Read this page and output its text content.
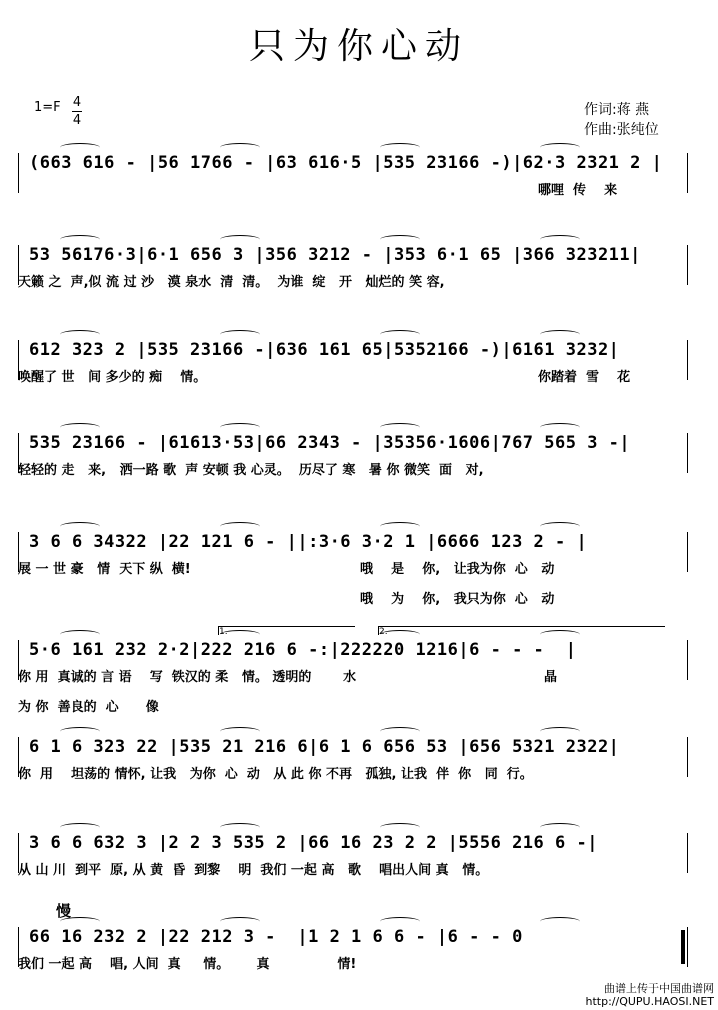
只为你心动
1=F 4
4
作词:蒋 燕
作曲:张纯位
(663 616 - |56 1766 - |63 616·5 |535 23166 -)|62·3 2321 2 |
哪哩  传    来
53 56176·3|6·1 656 3 |356 3212 - |353 6·1 65 |366 323211|
天籁 之  声,似 流 过 沙   漠 泉水  清  清。  为谁  绽   开   灿烂的 笑 容,
612 323 2 |535 23166 -|636 161 65|5352166 -)|6161 3232|
唤醒了 世   间 多少的 痴    情。	你踏着  雪    花
535 23166 - |61613·53|66 2343 - |35356·1606|767 565 3 -|
轻轻的 走   来,   洒一路 歌  声 安顿 我 心灵。  历尽了 寒   暑 你 微笑  面   对,
3 6 6 34322 |22 121 6 - ||:3·6 3·2 1 |6666 123 2 - |
展 一 世 豪   情  天下 纵  横!	哦    是    你,   让我为你  心   动
哦    为    你,   我只为你  心   动
5·6 161 232 2·2|222 216 6 -:|222220 1216|6 - - -  |
你 用  真诚的 言 语    写  铁汉的 柔   情。 透明的       水	晶
为 你  善良的  心      像
6 1 6 323 22 |535 21 216 6|6 1 6 656 53 |656 5321 2322|
你  用    坦荡的 情怀, 让我   为你  心  动   从 此 你 不再   孤独, 让我  伴  你   同  行。
3 6 6 632 3 |2 2 3 535 2 |66 16 23 2 2 |5556 216 6 -|
从 山 川  到平  原, 从 黄  昏  到黎    明  我们 一起 高   歌    唱出人间 真   情。
66 16 232 2 |22 212 3 -  |1 2 1 6 6 - |6 - - 0
我们 一起 高    唱, 人间  真     情。      真               情!
1.	2.
慢
曲谱上传于中国曲谱网
http://QUPU.HAOSI.NET
